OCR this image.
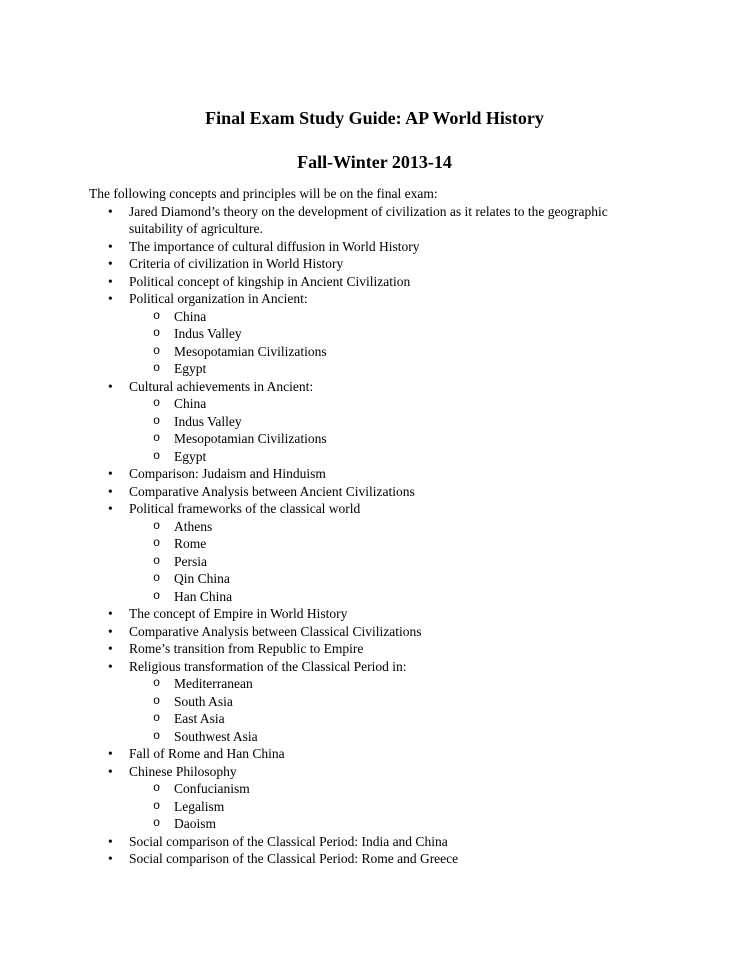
Final Exam Study Guide: AP World History
Fall-Winter 2013-14

The following concepts and principles will be on the final exam:

•	Jared Diamond’s theory on the development of civilization as it relates to the geographic suitability of agriculture.
•	The importance of cultural diffusion in World History
•	Criteria of civilization in World History
•	Political concept of kingship in Ancient Civilization
•	Political organization in Ancient:
o	China
o	Indus Valley
o	Mesopotamian Civilizations
o	Egypt
•	Cultural achievements in Ancient:
o	China
o	Indus Valley
o	Mesopotamian Civilizations
o	Egypt
•	Comparison: Judaism and Hinduism
•	Comparative Analysis between Ancient Civilizations
•	Political frameworks of the classical world
o	Athens
o	Rome
o	Persia
o	Qin China
o	Han China
•	The concept of Empire in World History
•	Comparative Analysis between Classical Civilizations
•	Rome’s transition from Republic to Empire
•	Religious transformation of the Classical Period in:
o	Mediterranean
o	South Asia
o	East Asia
o	Southwest Asia
•	Fall of Rome and Han China
•	Chinese Philosophy
o	Confucianism
o	Legalism
o	Daoism
•	Social comparison of the Classical Period: India and China
•	Social comparison of the Classical Period: Rome and Greece
